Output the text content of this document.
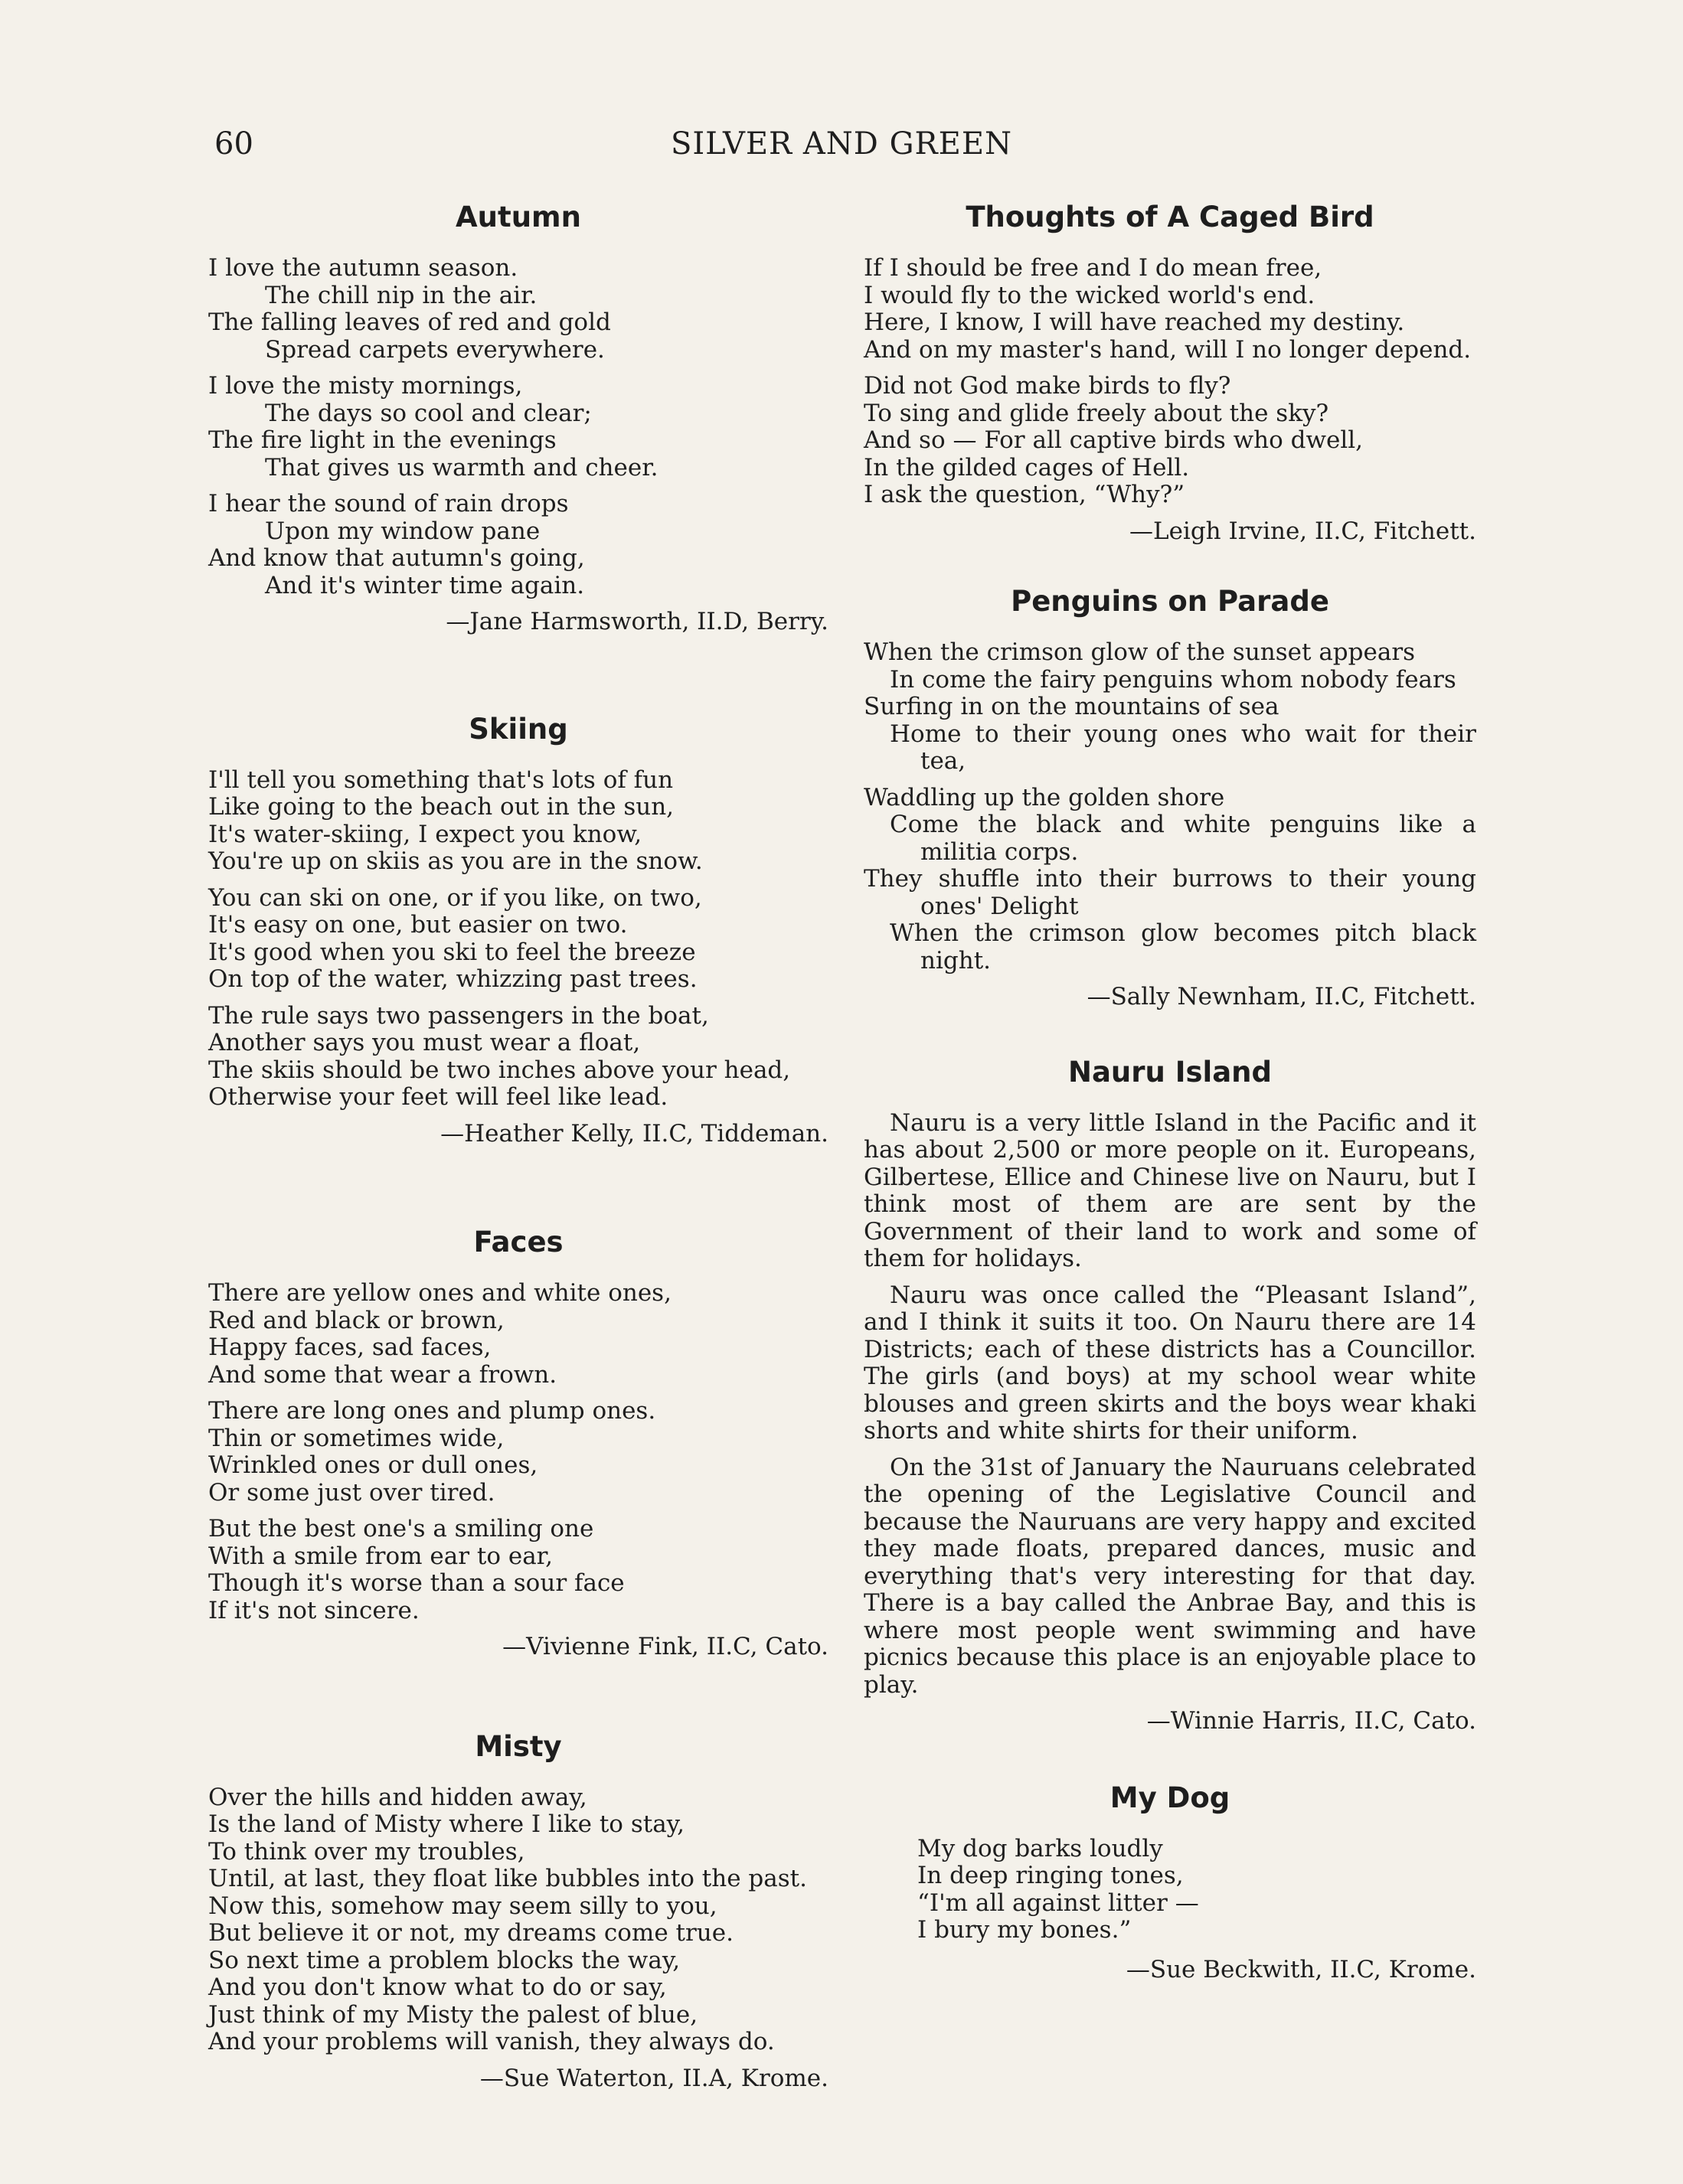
60	SILVER AND GREEN
Autumn
I love the autumn season.
The chill nip in the air.
The falling leaves of red and gold
Spread carpets everywhere.
I love the misty mornings,
The days so cool and clear;
The fire light in the evenings
That gives us warmth and cheer.
I hear the sound of rain drops
Upon my window pane
And know that autumn's going,
And it's winter time again.
—Jane Harmsworth, II.D, Berry.
Skiing
I'll tell you something that's lots of fun
Like going to the beach out in the sun,
It's water-skiing, I expect you know,
You're up on skiis as you are in the snow.
You can ski on one, or if you like, on two,
It's easy on one, but easier on two.
It's good when you ski to feel the breeze
On top of the water, whizzing past trees.
The rule says two passengers in the boat,
Another says you must wear a float,
The skiis should be two inches above your head,
Otherwise your feet will feel like lead.
—Heather Kelly, II.C, Tiddeman.
Faces
There are yellow ones and white ones,
Red and black or brown,
Happy faces, sad faces,
And some that wear a frown.
There are long ones and plump ones.
Thin or sometimes wide,
Wrinkled ones or dull ones,
Or some just over tired.
But the best one's a smiling one
With a smile from ear to ear,
Though it's worse than a sour face
If it's not sincere.
—Vivienne Fink, II.C, Cato.
Misty
Over the hills and hidden away,
Is the land of Misty where I like to stay,
To think over my troubles,
Until, at last, they float like bubbles into the past.
Now this, somehow may seem silly to you,
But believe it or not, my dreams come true.
So next time a problem blocks the way,
And you don't know what to do or say,
Just think of my Misty the palest of blue,
And your problems will vanish, they always do.
—Sue Waterton, II.A, Krome.
Thoughts of A Caged Bird
If I should be free and I do mean free,
I would fly to the wicked world's end.
Here, I know, I will have reached my destiny.
And on my master's hand, will I no longer depend.
Did not God make birds to fly?
To sing and glide freely about the sky?
And so — For all captive birds who dwell,
In the gilded cages of Hell.
I ask the question, “Why?”
—Leigh Irvine, II.C, Fitchett.
Penguins on Parade
When the crimson glow of the sunset appears
In come the fairy penguins whom nobody fears
Surfing in on the mountains of sea
Home to their young ones who wait for their tea,
Waddling up the golden shore
Come the black and white penguins like a militia corps.
They shuffle into their burrows to their young ones' Delight
When the crimson glow becomes pitch black night.
—Sally Newnham, II.C, Fitchett.
Nauru Island
Nauru is a very little Island in the Pacific and it has about 2,500 or more people on it. Europeans, Gilbertese, Ellice and Chinese live on Nauru, but I think most of them are are sent by the Government of their land to work and some of them for holidays.
Nauru was once called the “Pleasant Island”, and I think it suits it too. On Nauru there are 14 Districts; each of these districts has a Councillor. The girls (and boys) at my school wear white blouses and green skirts and the boys wear khaki shorts and white shirts for their uniform.
On the 31st of January the Nauruans celebrated the opening of the Legislative Council and because the Nauruans are very happy and excited they made floats, prepared dances, music and everything that's very interesting for that day. There is a bay called the Anbrae Bay, and this is where most people went swimming and have picnics because this place is an enjoyable place to play.
—Winnie Harris, II.C, Cato.
My Dog
My dog barks loudly
In deep ringing tones,
“I'm all against litter —
I bury my bones.”
—Sue Beckwith, II.C, Krome.
